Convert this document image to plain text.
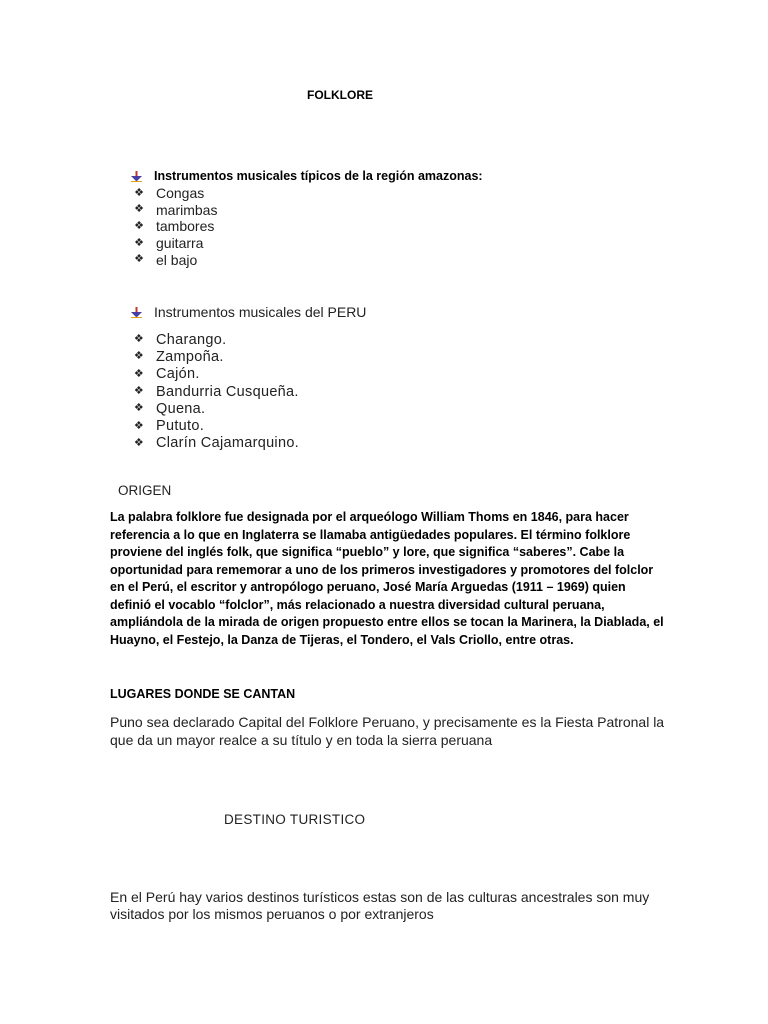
FOLKLORE
Instrumentos musicales típicos de la región amazonas:
❖ Congas
❖ marimbas
❖ tambores
❖ guitarra
❖ el bajo
Instrumentos musicales del PERU
❖ Charango.
❖ Zampoña.
❖ Cajón.
❖ Bandurria Cusqueña.
❖ Quena.
❖ Pututo.
❖ Clarín Cajamarquino.
ORIGEN

La palabra folklore fue designada por el arqueólogo William Thoms en 1846, para hacer referencia a lo que en Inglaterra se llamaba antigüedades populares. El término folklore proviene del inglés folk, que significa “pueblo” y lore, que significa “saberes”. Cabe la oportunidad para rememorar a uno de los primeros investigadores y promotores del folclor en el Perú, el escritor y antropólogo peruano, José María Arguedas (1911 – 1969) quien definió el vocablo “folclor”, más relacionado a nuestra diversidad cultural peruana, ampliándola de la mirada de origen propuesto entre ellos se tocan la Marinera, la Diablada, el Huayno, el Festejo, la Danza de Tijeras, el Tondero, el Vals Criollo, entre otras.

LUGARES DONDE SE CANTAN

Puno sea declarado Capital del Folklore Peruano, y precisamente es la Fiesta Patronal la que da un mayor realce a su título y en toda la sierra peruana

DESTINO TURISTICO

En el Perú hay varios destinos turísticos estas son de las culturas ancestrales son muy visitados por los mismos peruanos o por extranjeros
